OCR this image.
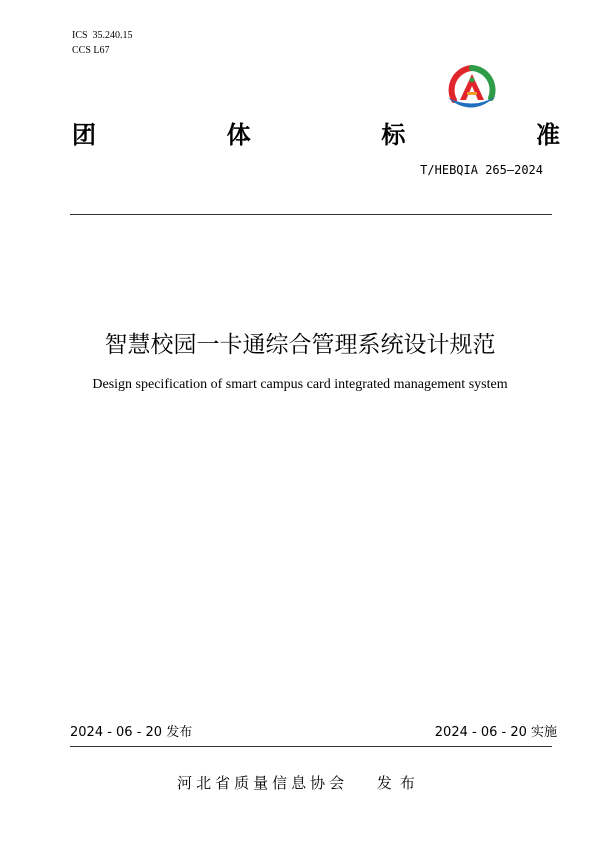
ICS  35.240.15
CCS L67
团	体	标	准
T/HEBQIA 265—2024
智慧校园一卡通综合管理系统设计规范
Design specification of smart campus card integrated management system
2024 - 06 - 20 发布	2024 - 06 - 20 实施
河北省质量信息协会 发布
